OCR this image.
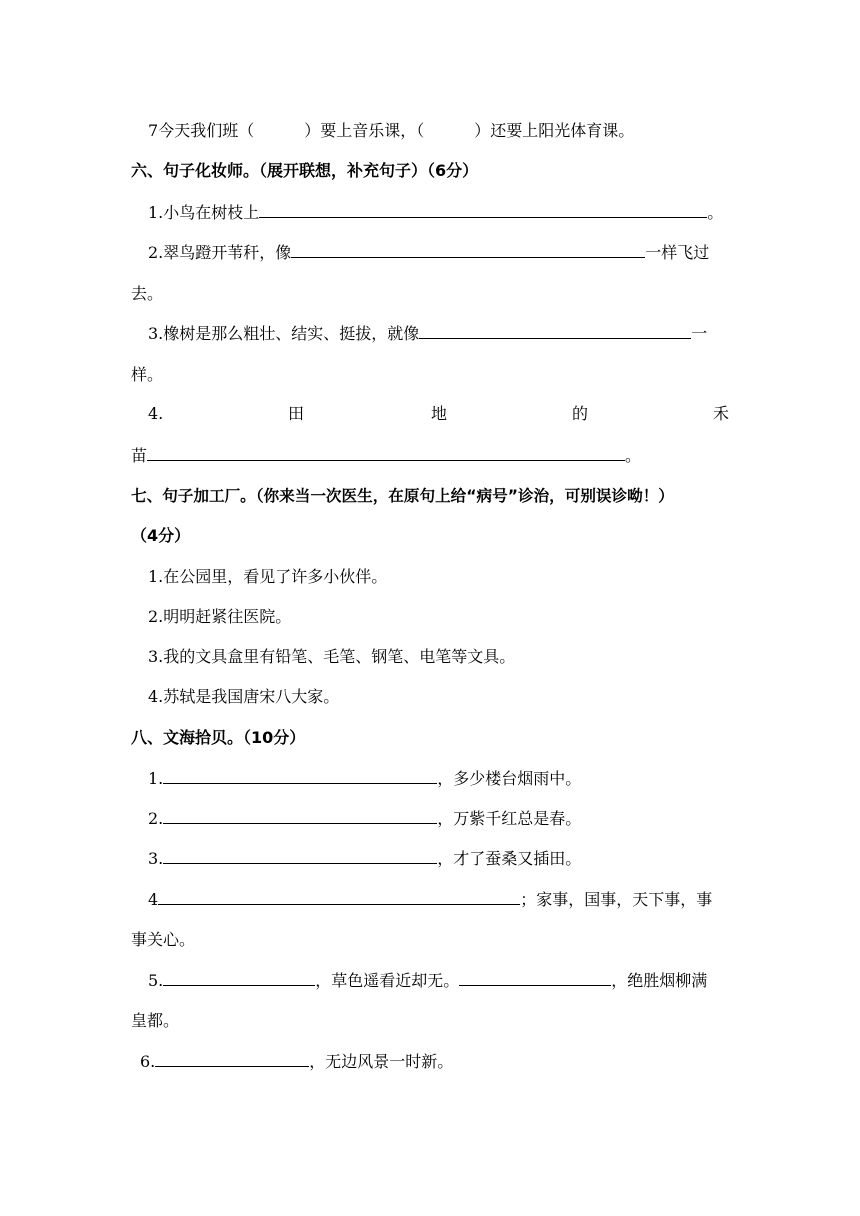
7今天我们班（	）要上音乐课，（	）还要上阳光体育课。
六、句子化妆师。（展开联想，补充句子）（6分）
1.小鸟在树枝上	。
2.翠鸟蹬开苇秆，像	一样飞过
去。
3.橡树是那么粗壮、结实、挺拔，就像	一
样。
4.	田	地	的	禾
苗	。
七、句子加工厂。（你来当一次医生，在原句上给“病号”诊治，可别误诊呦！）
（4分）
1.在公园里，看见了许多小伙伴。
2.明明赶紧往医院。
3.我的文具盒里有铅笔、毛笔、钢笔、电笔等文具。
4.苏轼是我国唐宋八大家。
八、文海拾贝。（10分）
1.	，多少楼台烟雨中。
2.	，万紫千红总是春。
3.	，才了蚕桑又插田。
4	；家事，国事，天下事，事
事关心。
5.	，草色遥看近却无。	，绝胜烟柳满
皇都。
6.	，无边风景一时新。
